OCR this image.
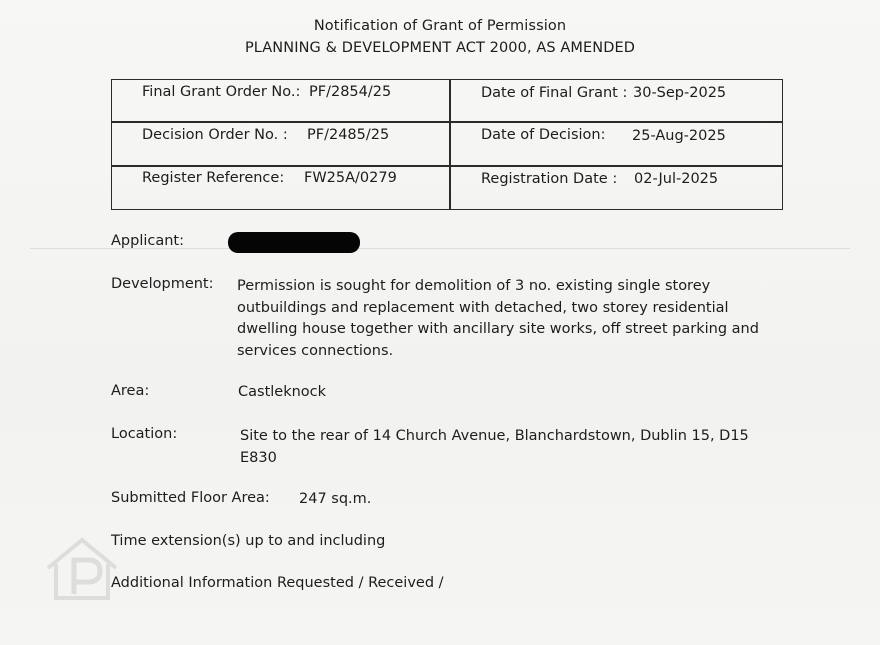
Notification of Grant of Permission
PLANNING & DEVELOPMENT ACT 2000, AS AMENDED
Final Grant Order No.: PF/2854/25	Date of Final Grant : 30-Sep-2025
Decision Order No. : PF/2485/25	Date of Decision: 25-Aug-2025
Register Reference: FW25A/0279	Registration Date : 02-Jul-2025
Applicant:
Development: Permission is sought for demolition of 3 no. existing single storey
outbuildings and replacement with detached, two storey residential
dwelling house together with ancillary site works, off street parking and
services connections.
Area:	Castleknock
Location:	Site to the rear of 14 Church Avenue, Blanchardstown, Dublin 15, D15
E830
Submitted Floor Area: 247 sq.m.
Time extension(s) up to and including
Additional Information Requested / Received /
